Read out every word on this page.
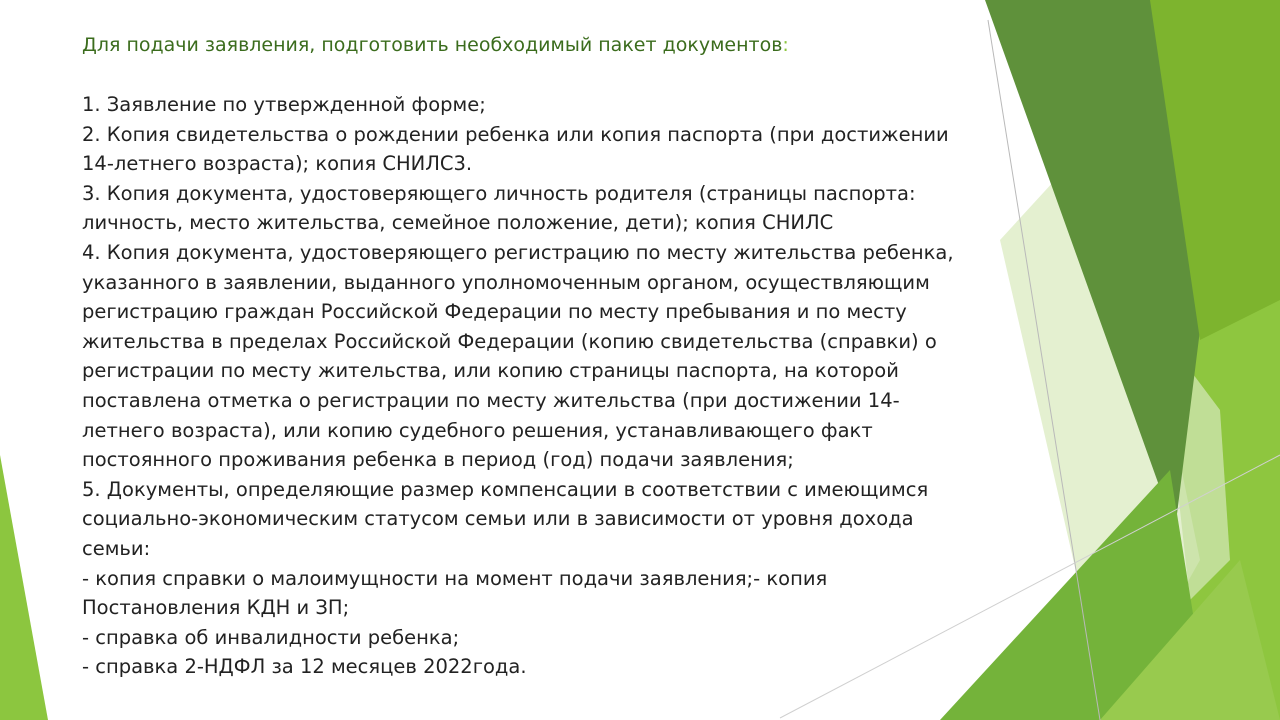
Для подачи заявления, подготовить необходимый пакет документов:
1. Заявление по утвержденной форме;
2. Копия свидетельства о рождении ребенка или копия паспорта (при достижении
14-летнего возраста); копия СНИЛС3.
3. Копия документа, удостоверяющего личность родителя (страницы паспорта:
личность, место жительства, семейное положение, дети); копия СНИЛС
4. Копия документа, удостоверяющего регистрацию по месту жительства ребенка,
указанного в заявлении, выданного уполномоченным органом, осуществляющим
регистрацию граждан Российской Федерации по месту пребывания и по месту
жительства в пределах Российской Федерации (копию свидетельства (справки) о
регистрации по месту жительства, или копию страницы паспорта, на которой
поставлена отметка о регистрации по месту жительства (при достижении 14-
летнего возраста), или копию судебного решения, устанавливающего факт
постоянного проживания ребенка в период (год) подачи заявления;
5. Документы, определяющие размер компенсации в соответствии с имеющимся
социально-экономическим статусом семьи или в зависимости от уровня дохода
семьи:
- копия справки о малоимущности на момент подачи заявления;- копия
Постановления КДН и ЗП;
- справка об инвалидности ребенка;
- справка 2-НДФЛ за 12 месяцев 2022года.
